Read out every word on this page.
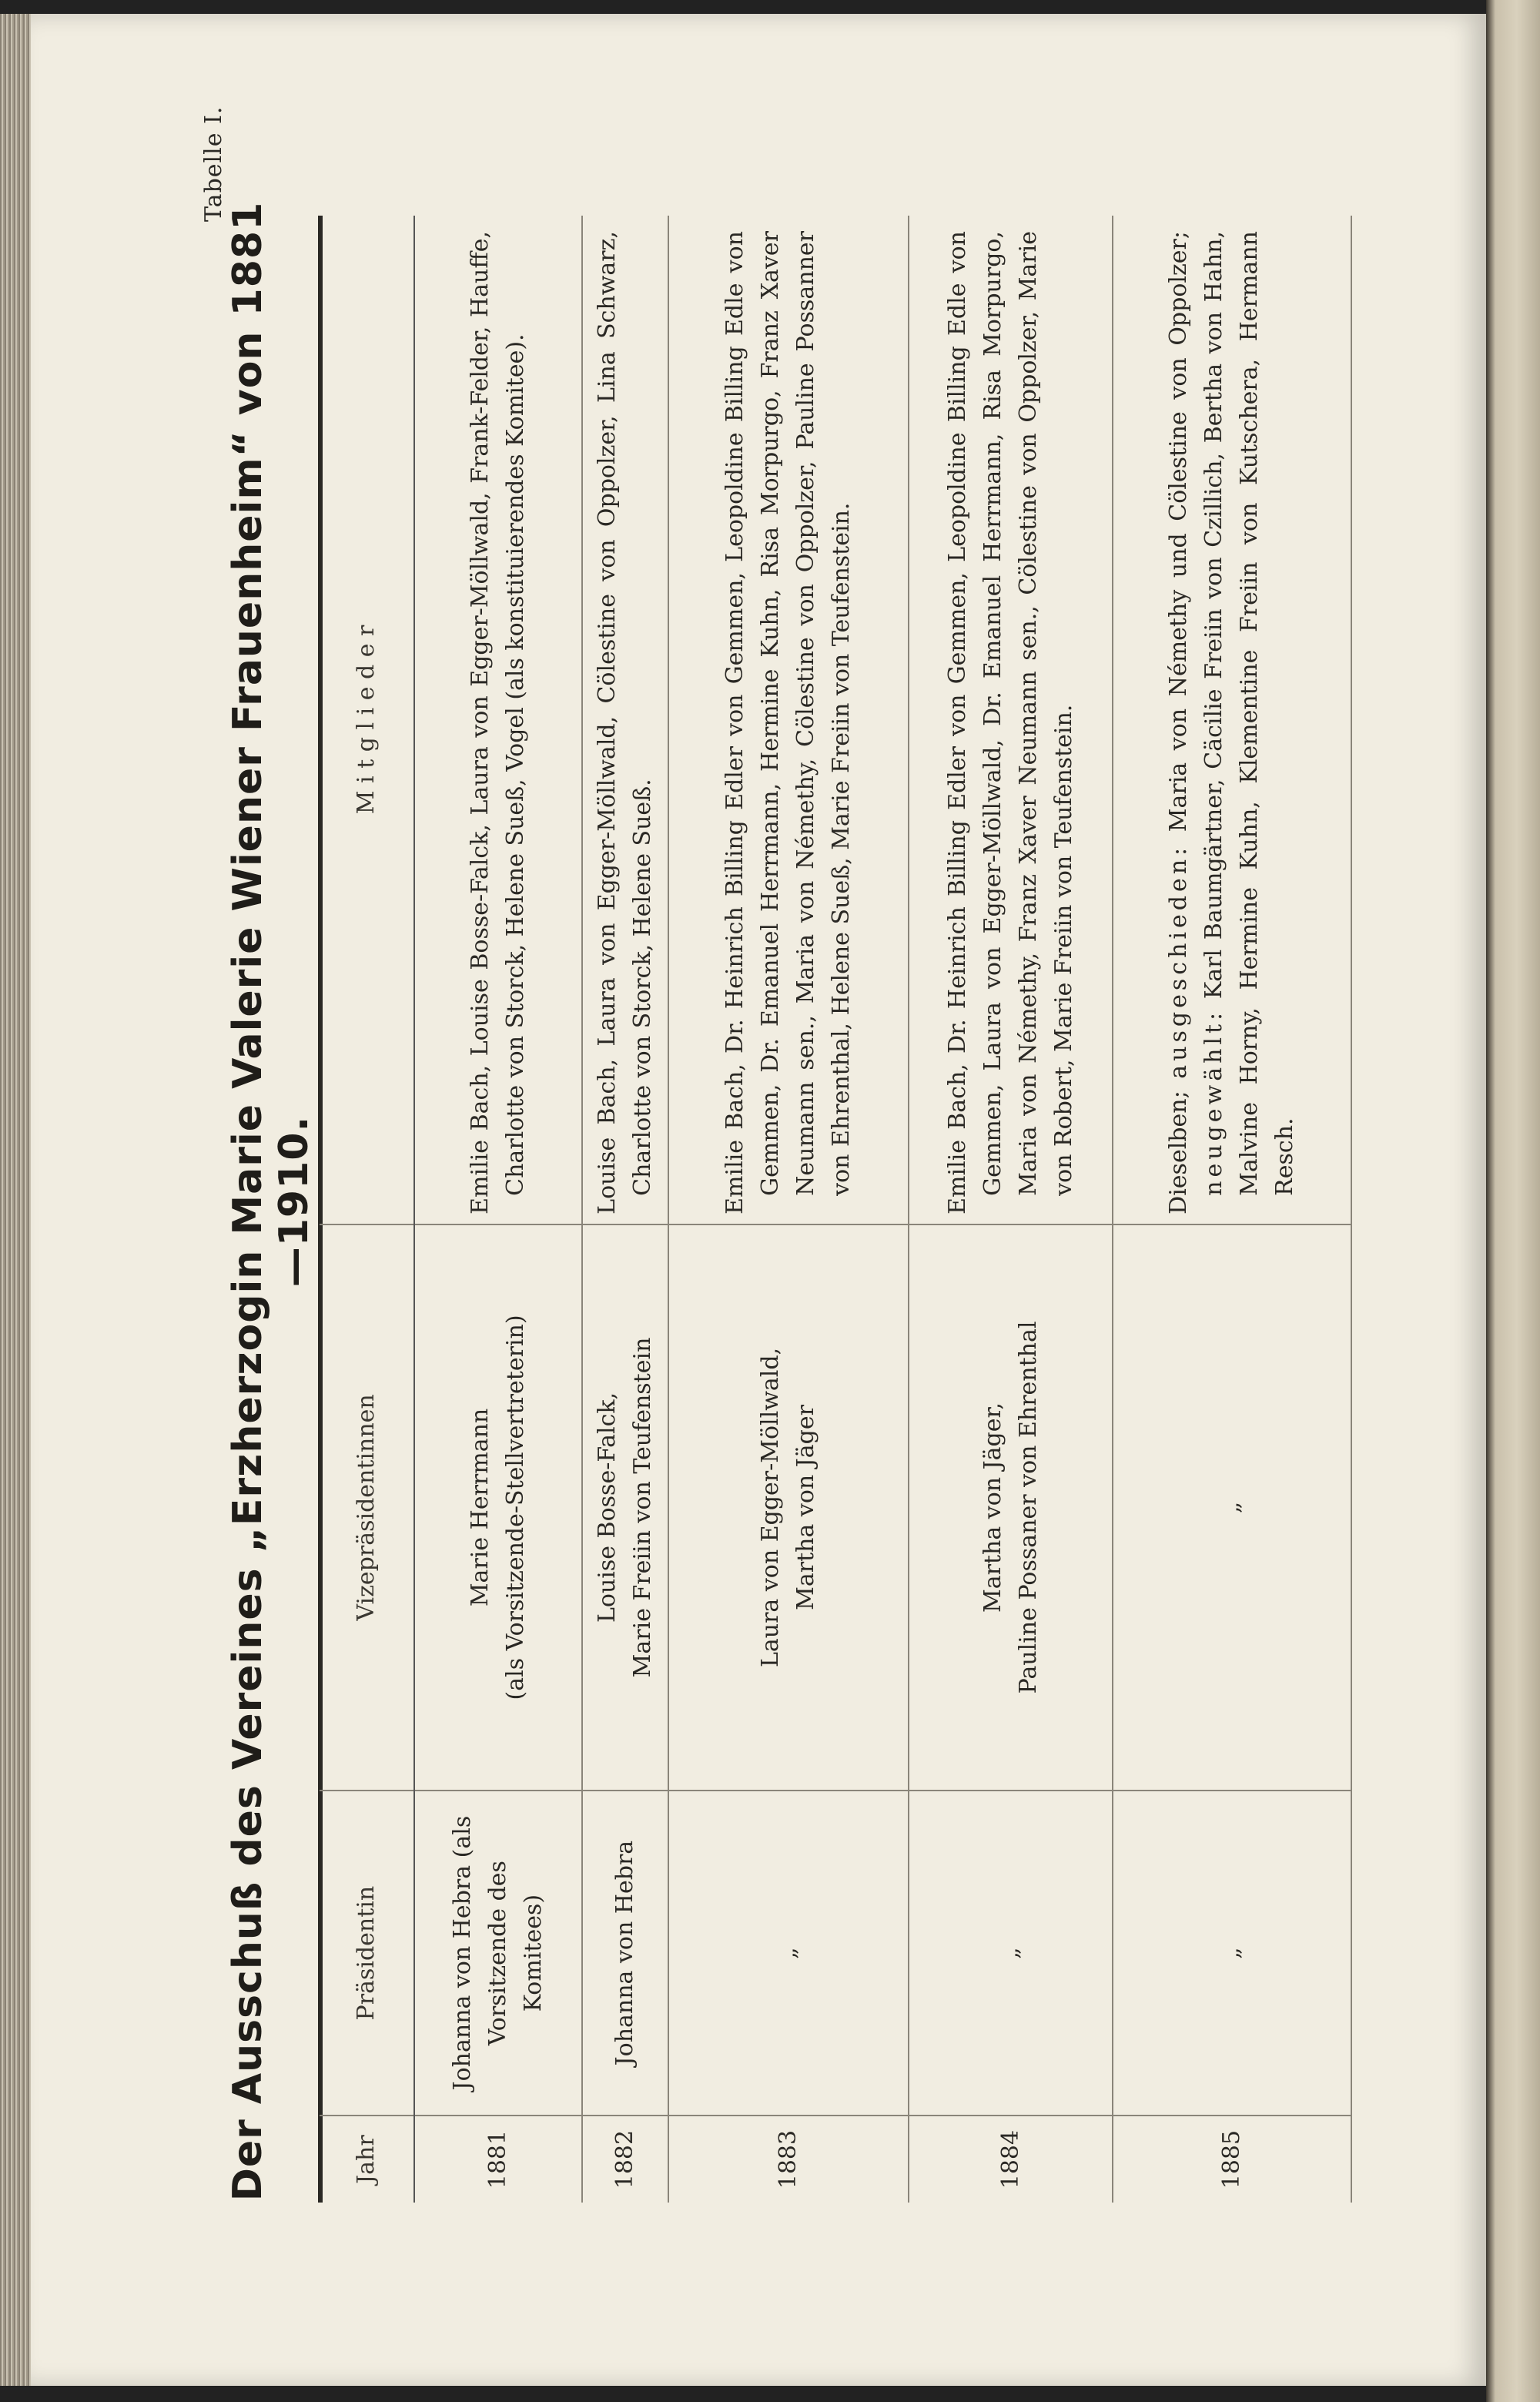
Tabelle I.
Der Ausschuß des Vereines „Erzherzogin Marie Valerie Wiener Frauenheim“ von 1881—1910.
Jahr	Präsidentin	Vizepräsidentinnen	M i t g l i e d e r
1881	Johanna von Hebra (als Vorsitzende des Komitees)	Marie Herrmann (als Vorsitzende-Stellvertreterin)	Emilie Bach, Louise Bosse-Falck, Laura von Egger-Möllwald, Frank-Felder, Hauffe, Charlotte von Storck, Helene Sueß, Vogel (als konstituierendes Komitee).
1882	Johanna von Hebra	Louise Bosse-Falck, Marie Freiin von Teufenstein	Louise Bach, Laura von Egger-Möllwald, Cölestine von Oppolzer, Lina Schwarz, Charlotte von Storck, Helene Sueß.
1883	„	Laura von Egger-Möllwald, Martha von Jäger	Emilie Bach, Dr. Heinrich Billing Edler von Gemmen, Leopoldine Billing Edle von Gemmen, Dr. Emanuel Herrmann, Hermine Kuhn, Risa Morpurgo, Franz Xaver Neumann sen., Maria von Némethy, Cölestine von Oppolzer, Pauline Possanner von Ehrenthal, Helene Sueß, Marie Freiin von Teufenstein.
1884	„	Martha von Jäger, Pauline Possaner von Ehrenthal	Emilie Bach, Dr. Heinrich Billing Edler von Gemmen, Leopoldine Billing Edle von Gemmen, Laura von Egger-Möllwald, Dr. Emanuel Herrmann, Risa Morpurgo, Maria von Némethy, Franz Xaver Neumann sen., Cölestine von Oppolzer, Marie von Robert, Marie Freiin von Teufenstein.
1885	„	„	Dieselben; ausgeschieden: Maria von Némethy und Cölestine von Oppolzer; neugewählt: Karl Baumgärtner, Cäcilie Freiin von Czillich, Bertha von Hahn, Malvine Horny, Hermine Kuhn, Klementine Freiin von Kutschera, Hermann Resch.
